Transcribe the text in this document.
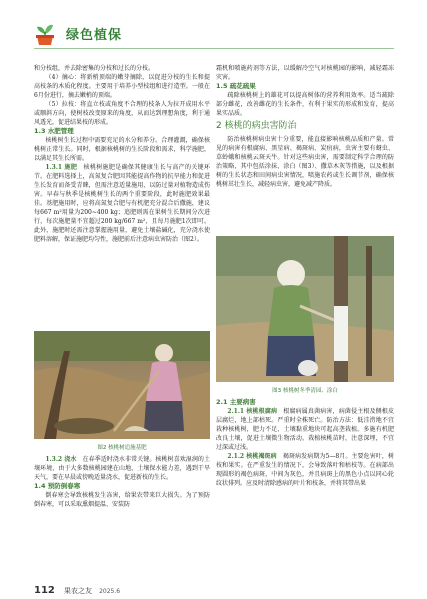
绿色植保

和分枝组，并去除密集的分枝和过长的分枝。

（4）摘心：将新梢顶端的嫩芽摘除，以促进分枝的生长和提高枝条的木质化程度。主要用于培养小型枝组和进行造型。一般在6月份进行，摘去嫩梢的顶端。

（5）拉枝：将直立枝或角度不合理的枝条人为拉开成用水平或顺斜方向，使树枝改变原来的角度，从而达到理想角度，利于通风透光，促进结果枝的形成。

1.3 水肥管理

核桃树生长过程中需要充足的水分和养分。合理灌溉，确保核桃树正常生长。同时，根据核桃树的生长阶段和需求，科学施肥，以满足其生长所需。

1.3.1 施肥  核桃树施肥是确保其健康生长与高产的关键环节。在肥料选择上，高氮复合肥因其能提高作物的抗旱能力和促进生长发育而备受青睐，但需注意适量施用，以防过量对植物造成伤害。早春与秋季是核桃树生长的两个重要阶段，此时施肥效果最佳。基肥施用时，应将高氮复合肥与有机肥充分混合后撒施，建议每667 m²用量为200~400 kg；追肥则需在果树生长期间分次进行，每次施肥量不宜超过200 kg/667 m²，且每月施肥1次即可。此外，施肥时还需注意掌握施用量，避免土壤盐碱化，充分浇水使肥料溶解，保证施肥均匀性，施肥前后注意病虫害防治（图2）。

图2 核桃树追施基肥

1.3.2 浇水  在春季适时浇水非常关键。核桃树喜欢湿润的土壤环境，由于大多数核桃园建在山地，土壤保水能力差，遇到干旱天气，要在早晨或傍晚适量浇水，促进新枝的生长。

1.4 预防倒春寒

倒春寒会导致核桃发生冻害，给果农带来巨大损失。为了预防倒春寒，可以采取熏烟提温、安装防

霜机和喷施药剂等方法，以缓解冷空气对核桃园的影响，减轻霜冻灾害。

1.5 疏花疏果

疏除核桃树上的雄花可以提高树体的营养利用效率。适当疏除部分雌花，改善雌花的生长条件，有利于果实的形成和发育，提高果实品质。

2 核桃的病虫害防治

防治核桃树病虫害十分重要，能直接影响核桃品质和产量。常见的病害有根腐病、黑星病、褐斑病、炭疽病，虫害主要有蚜虫、草蛉蛾和核桃云斑天牛。针对这些病虫害，需要制定科学合理的防治策略，其中包括涂抹、涂白（图3）、撒草木灰等措施，以及根据树的生长状态和田间病虫害情况，喷施农药或生长调节剂，确保核桃树茁壮生长，减轻病虫害，避免减产降质。

图3 核桃树冬季清园、涂白

2.1 主要病害

2.1.1 核桃根腐病  根腐病属真菌病害，病菌侵主根及侧根皮层腐烂，地上部枯死。严重时全株死亡。防治方法：低洼涝地不宜栽种核桃树，肥力不足、土壤黏重地块可起高垄栽植。多施有机肥改良土壤，促进土壤微生物活动。栽植核桃苗时，注意深埋，不宜过深或过浅。

2.1.2 核桃褐斑病  褐斑病发病期为5—8月。主要危害叶，树枝和果实。在严重发生的情况下，会导致落叶和枯枝等。在病部出现圆形的褐色病斑，中间为灰色，并且病斑上的黑色小点以同心轮纹状排列。应及时清除感病的叶片和枝条，并将其带出果

112 果农之友 2025.6
